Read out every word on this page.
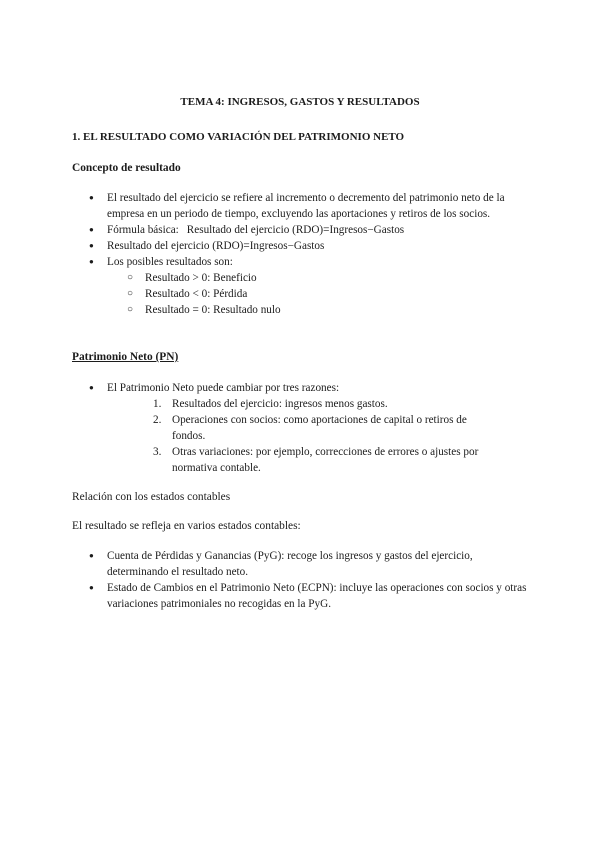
TEMA 4: INGRESOS, GASTOS Y RESULTADOS
1. EL RESULTADO COMO VARIACIÓN DEL PATRIMONIO NETO
Concepto de resultado
● El resultado del ejercicio se refiere al incremento o decremento del patrimonio neto de la empresa en un periodo de tiempo, excluyendo las aportaciones y retiros de los socios.
● Fórmula básica: Resultado del ejercicio (RDO)=Ingresos−Gastos
● Resultado del ejercicio (RDO)=Ingresos−Gastos
● Los posibles resultados son:
○ Resultado > 0: Beneficio
○ Resultado < 0: Pérdida
○ Resultado = 0: Resultado nulo
Patrimonio Neto (PN)
● El Patrimonio Neto puede cambiar por tres razones:
1. Resultados del ejercicio: ingresos menos gastos.
2. Operaciones con socios: como aportaciones de capital o retiros de fondos.
3. Otras variaciones: por ejemplo, correcciones de errores o ajustes por normativa contable.

Relación con los estados contables

El resultado se refleja en varios estados contables:

● Cuenta de Pérdidas y Ganancias (PyG): recoge los ingresos y gastos del ejercicio, determinando el resultado neto.
● Estado de Cambios en el Patrimonio Neto (ECPN): incluye las operaciones con socios y otras variaciones patrimoniales no recogidas en la PyG.
